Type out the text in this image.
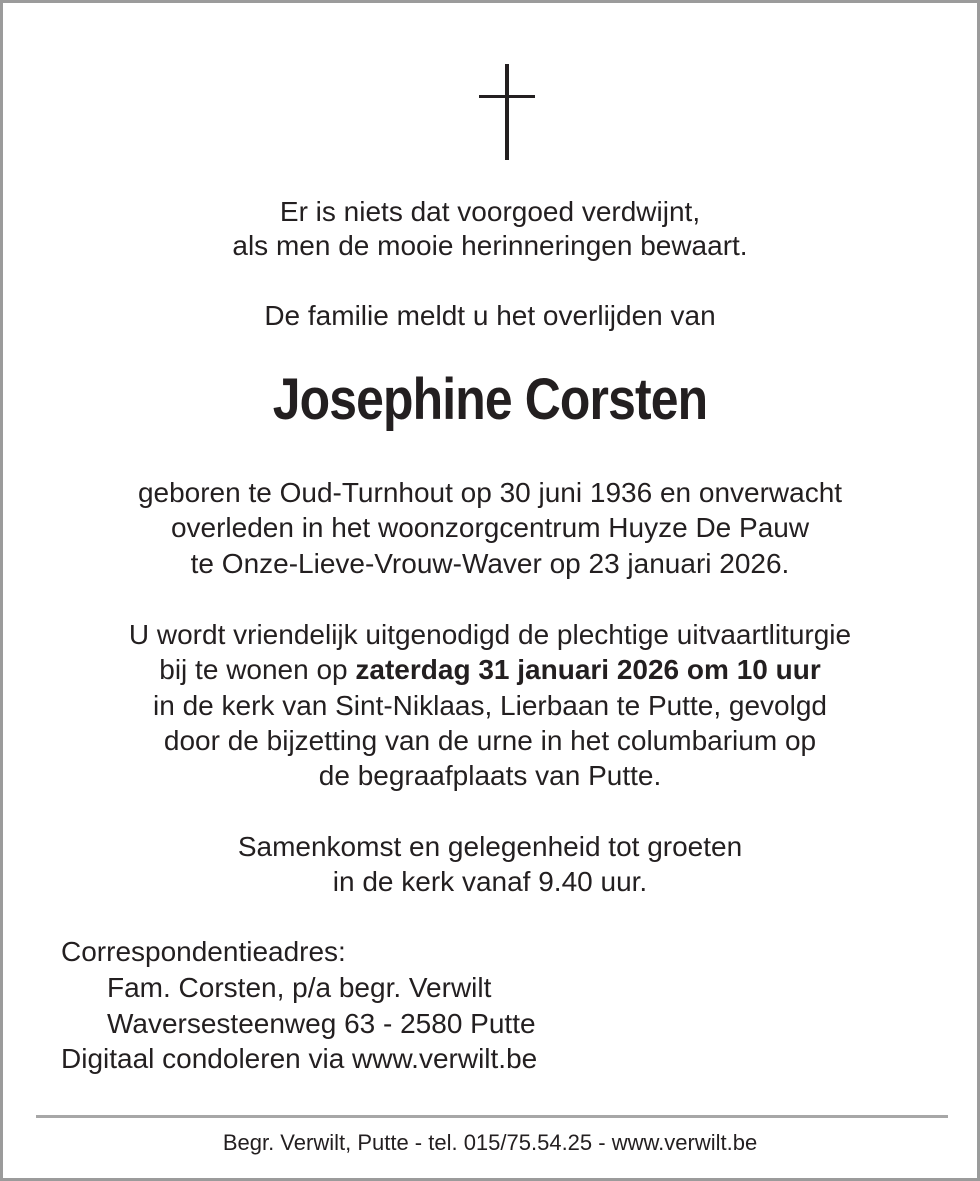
Er is niets dat voorgoed verdwijnt,
als men de mooie herinneringen bewaart.
De familie meldt u het overlijden van
Josephine Corsten
geboren te Oud-Turnhout op 30 juni 1936 en onverwacht
overleden in het woonzorgcentrum Huyze De Pauw
te Onze-Lieve-Vrouw-Waver op 23 januari 2026.
U wordt vriendelijk uitgenodigd de plechtige uitvaartliturgie
bij te wonen op zaterdag 31 januari 2026 om 10 uur
in de kerk van Sint-Niklaas, Lierbaan te Putte, gevolgd
door de bijzetting van de urne in het columbarium op
de begraafplaats van Putte.
Samenkomst en gelegenheid tot groeten
in de kerk vanaf 9.40 uur.
Correspondentieadres:
Fam. Corsten, p/a begr. Verwilt
Waversesteenweg 63 - 2580 Putte
Digitaal condoleren via www.verwilt.be
Begr. Verwilt, Putte - tel. 015/75.54.25 - www.verwilt.be
